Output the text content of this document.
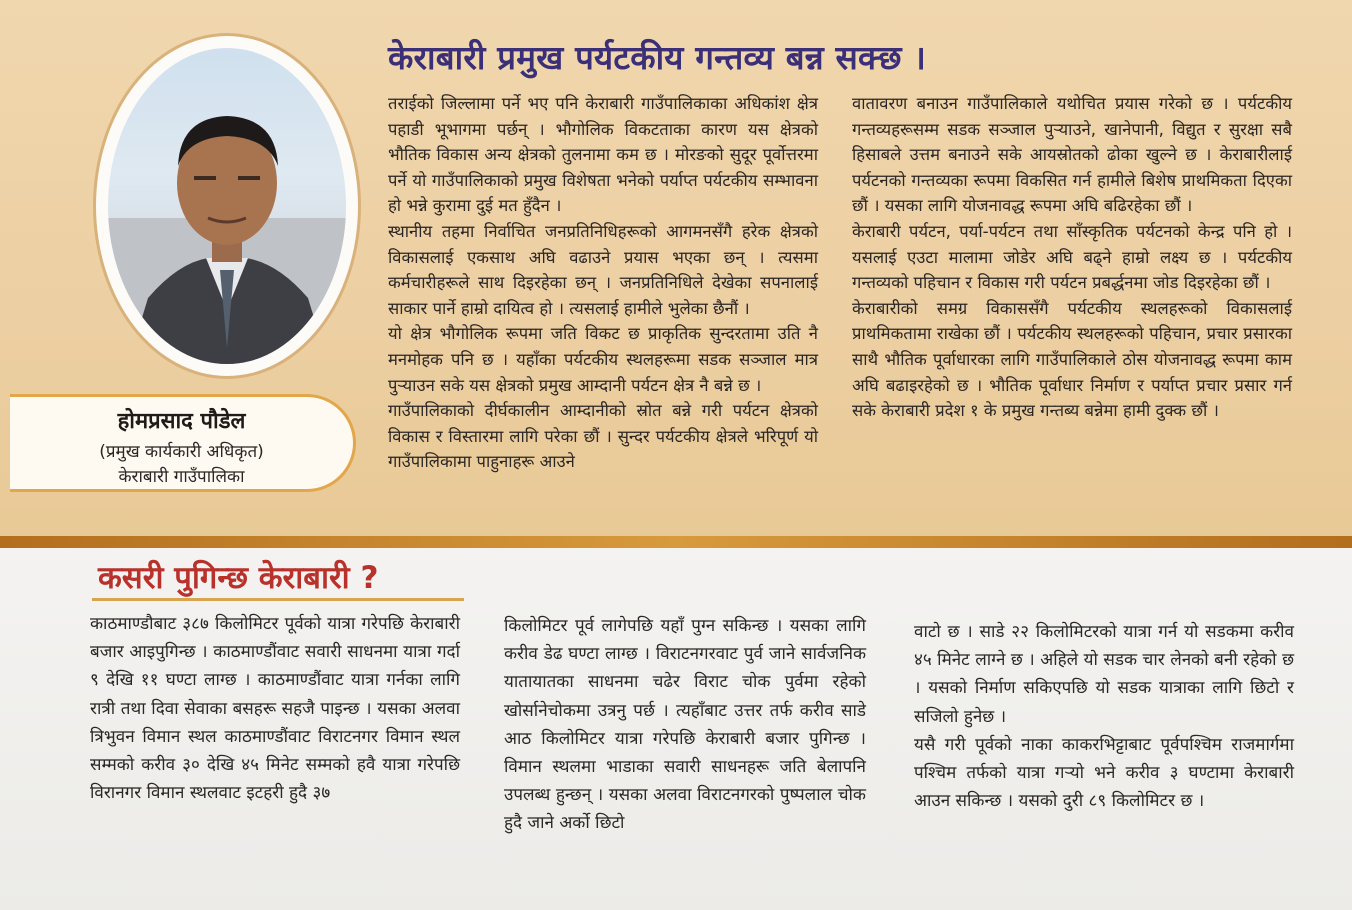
होमप्रसाद पौडेल
(प्रमुख कार्यकारी अधिकृत)
केराबारी गाउँपालिका
केराबारी प्रमुख पर्यटकीय गन्तव्य बन्न सक्छ ।

तराईको जिल्लामा पर्ने भए पनि केराबारी गाउँपालिकाका अधिकांश क्षेत्र पहाडी भूभागमा पर्छन् । भौगोलिक विकटताका कारण यस क्षेत्रको भौतिक विकास अन्य क्षेत्रको तुलनामा कम छ । मोरङको सुदूर पूर्वोत्तरमा पर्ने यो गाउँपालिकाको प्रमुख विशेषता भनेको पर्याप्त पर्यटकीय सम्भावना हो भन्ने कुरामा दुई मत हुँदैन ।

स्थानीय तहमा निर्वाचित जनप्रतिनिधिहरूको आगमनसँगै हरेक क्षेत्रको विकासलाई एकसाथ अघि वढाउने प्रयास भएका छन् । त्यसमा कर्मचारीहरूले साथ दिइरहेका छन् । जनप्रतिनिधिले देखेका सपनालाई साकार पार्ने हाम्रो दायित्व हो । त्यसलाई हामीले भुलेका छैनौं ।

यो क्षेत्र भौगोलिक रूपमा जति विकट छ प्राकृतिक सुन्दरतामा उति नै मनमोहक पनि छ । यहाँका पर्यटकीय स्थलहरूमा सडक सञ्जाल मात्र पुऱ्याउन सके यस क्षेत्रको प्रमुख आम्दानी पर्यटन क्षेत्र नै बन्ने छ ।

गाउँपालिकाको दीर्घकालीन आम्दानीको स्रोत बन्ने गरी पर्यटन क्षेत्रको विकास र विस्तारमा लागि परेका छौं । सुन्दर पर्यटकीय क्षेत्रले भरिपूर्ण यो गाउँपालिकामा पाहुनाहरू आउने

वातावरण बनाउन गाउँपालिकाले यथोचित प्रयास गरेको छ । पर्यटकीय गन्तव्यहरूसम्म सडक सञ्जाल पुऱ्याउने, खानेपानी, विद्युत र सुरक्षा सबै हिसाबले उत्तम बनाउने सके आयस्रोतको ढोका खुल्ने छ । केराबारीलाई पर्यटनको गन्तव्यका रूपमा विकसित गर्न हामीले बिशेष प्राथमिकता दिएका छौं । यसका लागि योजनावद्ध रूपमा अघि बढिरहेका छौं ।

केराबारी पर्यटन, पर्या-पर्यटन तथा साँस्कृतिक पर्यटनको केन्द्र पनि हो । यसलाई एउटा मालामा जोडेर अघि बढ्ने हाम्रो लक्ष्य छ । पर्यटकीय गन्तव्यको पहिचान र विकास गरी पर्यटन प्रबर्द्धनमा जोड दिइरहेका छौं ।

केराबारीको समग्र विकाससँगै पर्यटकीय स्थलहरूको विकासलाई प्राथमिकतामा राखेका छौं । पर्यटकीय स्थलहरूको पहिचान, प्रचार प्रसारका साथै भौतिक पूर्वाधारका लागि गाउँपालिकाले ठोस योजनावद्ध रूपमा काम अघि बढाइरहेको छ । भौतिक पूर्वाधार निर्माण र पर्याप्त प्रचार प्रसार गर्न सके केराबारी प्रदेश १ के प्रमुख गन्तब्य बन्नेमा हामी दुक्क छौं ।

कसरी पुगिन्छ केराबारी ?

काठमाण्डौबाट ३८७ किलोमिटर पूर्वको यात्रा गरेपछि केराबारी बजार आइपुगिन्छ । काठमाण्डौंवाट सवारी साधनमा यात्रा गर्दा ९ देखि ११ घण्टा लाग्छ । काठमाण्डौंवाट यात्रा गर्नका लागि रात्री तथा दिवा सेवाका बसहरू सहजै पाइन्छ । यसका अलवा त्रिभुवन विमान स्थल काठमाण्डौंवाट विराटनगर विमान स्थल सम्मको करीव ३० देखि ४५ मिनेट सम्मको हवै यात्रा गरेपछि विरानगर विमान स्थलवाट इटहरी हुदै ३७

किलोमिटर पूर्व लागेपछि यहाँ पुग्न सकिन्छ । यसका लागि करीव डेढ घण्टा लाग्छ । विराटनगरवाट पुर्व जाने सार्वजनिक यातायातका साधनमा चढेर विराट चोक पुर्वमा रहेको खोर्सानेचोकमा उत्रनु पर्छ । त्यहाँबाट उत्तर तर्फ करीव साडे आठ किलोमिटर यात्रा गरेपछि केराबारी बजार पुगिन्छ । विमान स्थलमा भाडाका सवारी साधनहरू जति बेलापनि उपलब्ध हुन्छन् । यसका अलवा विराटनगरको पुष्पलाल चोक हुदै जाने अर्को छिटो

वाटो छ । साडे २२ किलोमिटरको यात्रा गर्न यो सडकमा करीव ४५ मिनेट लाग्ने छ । अहिले यो सडक चार लेनको बनी रहेको छ । यसको निर्माण सकिएपछि यो सडक यात्राका लागि छिटो र सजिलो हुनेछ ।

यसै गरी पूर्वको नाका काकरभिट्टाबाट पूर्वपश्चिम राजमार्गमा पश्चिम तर्फको यात्रा गऱ्यो भने करीव ३ घण्टामा केराबारी आउन सकिन्छ । यसको दुरी ८९ किलोमिटर छ ।
